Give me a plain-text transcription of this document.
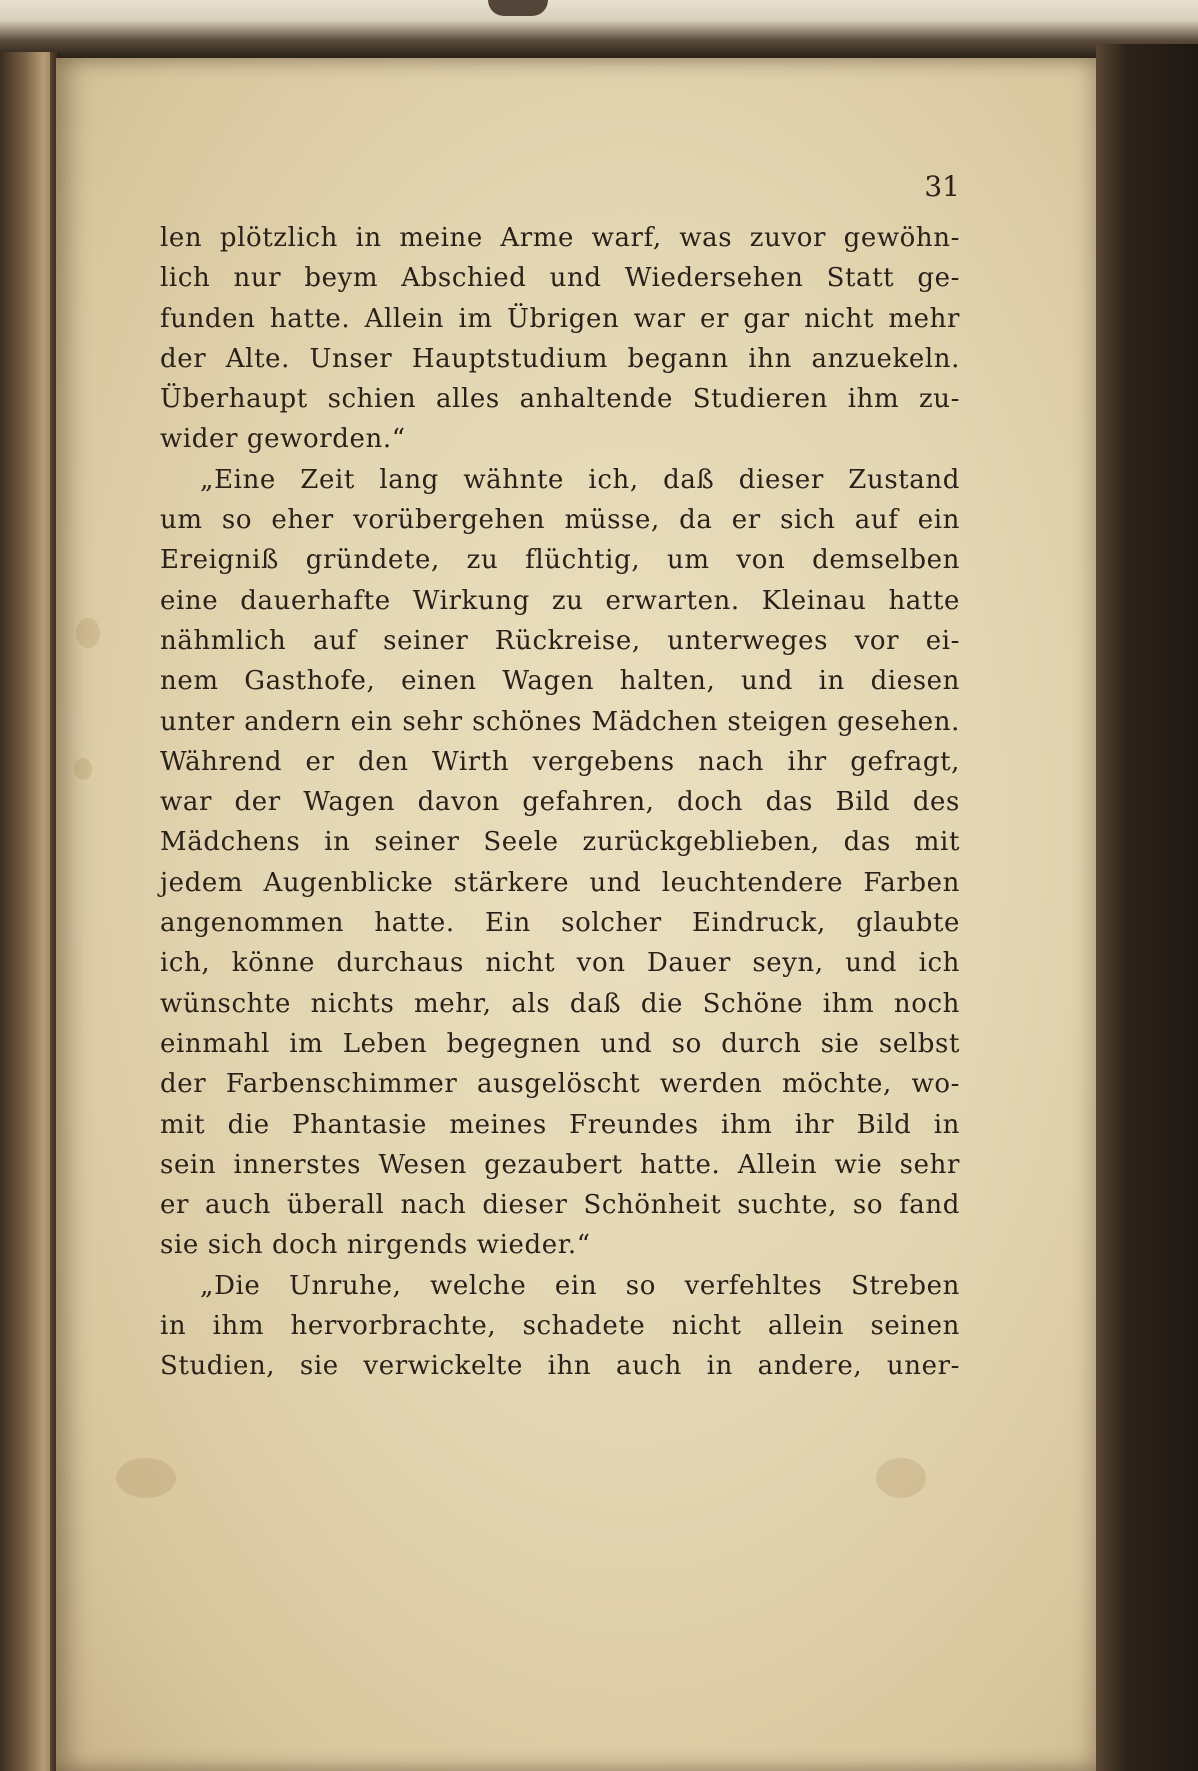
31
len plötzlich in meine Arme warf, was zuvor gewöhn-
lich nur beym Abschied und Wiedersehen Statt ge-
funden hatte. Allein im Übrigen war er gar nicht mehr
der Alte. Unser Hauptstudium begann ihn anzuekeln.
Überhaupt schien alles anhaltende Studieren ihm zu-
wider geworden.“
„Eine Zeit lang wähnte ich, daß dieser Zustand
um so eher vorübergehen müsse, da er sich auf ein
Ereigniß gründete, zu flüchtig, um von demselben
eine dauerhafte Wirkung zu erwarten. Kleinau hatte
nähmlich auf seiner Rückreise, unterweges vor ei-
nem Gasthofe, einen Wagen halten, und in diesen
unter andern ein sehr schönes Mädchen steigen gesehen.
Während er den Wirth vergebens nach ihr gefragt,
war der Wagen davon gefahren, doch das Bild des
Mädchens in seiner Seele zurückgeblieben, das mit
jedem Augenblicke stärkere und leuchtendere Farben
angenommen hatte. Ein solcher Eindruck, glaubte
ich, könne durchaus nicht von Dauer seyn, und ich
wünschte nichts mehr, als daß die Schöne ihm noch
einmahl im Leben begegnen und so durch sie selbst
der Farbenschimmer ausgelöscht werden möchte, wo-
mit die Phantasie meines Freundes ihm ihr Bild in
sein innerstes Wesen gezaubert hatte. Allein wie sehr
er auch überall nach dieser Schönheit suchte, so fand
sie sich doch nirgends wieder.“
„Die Unruhe, welche ein so verfehltes Streben
in ihm hervorbrachte, schadete nicht allein seinen
Studien, sie verwickelte ihn auch in andere, uner-
